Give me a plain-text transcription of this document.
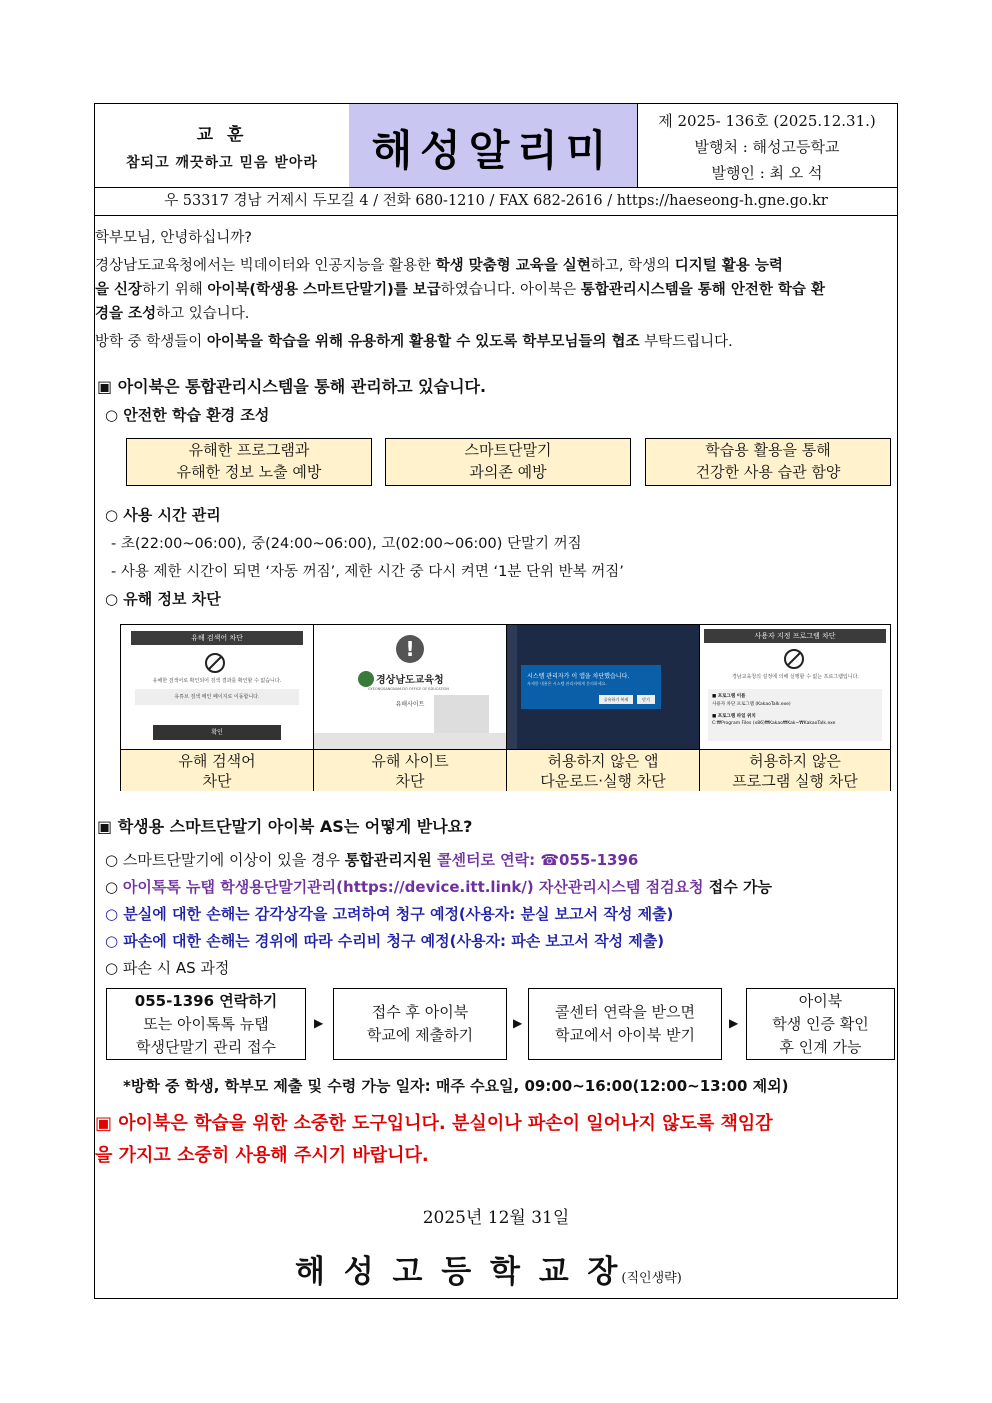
교 훈
참되고 깨끗하고 믿음 받아라	해성알리미
제 2025- 136호 (2025.12.31.)
발행처 : 해성고등학교
발행인 : 최 오 석
우 53317 경남 거제시 두모길 4 / 전화 680-1210 / FAX 682-2616 / https://haeseong-h.gne.go.kr
학부모님, 안녕하십니까?
경상남도교육청에서는 빅데이터와 인공지능을 활용한 학생 맞춤형 교육을 실현하고, 학생의 디지털 활용 능력
을 신장하기 위해 아이북(학생용 스마트단말기)를 보급하였습니다. 아이북은 통합관리시스템을 통해 안전한 학습 환
경을 조성하고 있습니다.
방학 중 학생들이 아이북을 학습을 위해 유용하게 활용할 수 있도록 학부모님들의 협조 부탁드립니다.
▣ 아이북은 통합관리시스템을 통해 관리하고 있습니다.
○ 안전한 학습 환경 조성
유해한 프로그램과
유해한 정보 노출 예방
스마트단말기
과의존 예방
학습용 활용을 통해
건강한 사용 습관 함양
○ 사용 시간 관리
- 초(22:00~06:00), 중(24:00~06:00), 고(02:00~06:00) 단말기 꺼짐
- 사용 제한 시간이 되면 ‘자동 꺼짐’, 제한 시간 중 다시 켜면 ‘1분 단위 반복 꺼짐’
○ 유해 정보 차단
유해 검색어 차단
유해한 검색어로 확인되어 검색 결과를 확인할 수 없습니다.
유튜브 검색 메인 페이지로 이동합니다.
확인
!
경상남도교육청
GYEONGSANGNAM-DO OFFICE OF EDUCATION
유해사이트
시스템 관리자가 이 앱을 차단했습니다.
자세한 내용은 시스템 관리자에게 문의하세요.
공유하기 복제	닫기
사용자 지정 프로그램 차단
경남교육청의 설정에 의해 실행할 수 없는 프로그램입니다.
■ 프로그램 이름
사용자 차단 프로그램 (KakaoTalk.exe)
■ 프로그램 파일 위치
C:₩Program Files (x86)₩Kakao₩Kak~₩KakaoTalk.exe
유해 검색어
차단
유해 사이트
차단
허용하지 않은 앱
다운로드·실행 차단
허용하지 않은
프로그램 실행 차단
▣ 학생용 스마트단말기 아이북 AS는 어떻게 받나요?
○ 스마트단말기에 이상이 있을 경우 통합관리지원 콜센터로 연락: ☎055-1396
○ 아이톡톡 뉴탭 학생용단말기관리(https://device.itt.link/) 자산관리시스템 점검요청 접수 가능
○ 분실에 대한 손해는 감각상각을 고려하여 청구 예정(사용자: 분실 보고서 작성 제출)
○ 파손에 대한 손해는 경위에 따라 수리비 청구 예정(사용자: 파손 보고서 작성 제출)
○ 파손 시 AS 과정
055-1396 연락하기
또는 아이톡톡 뉴탭
학생단말기 관리 접수
▶
접수 후 아이북
학교에 제출하기
▶
콜센터 연락을 받으면
학교에서 아이북 받기
▶
아이북
학생 인증 확인
후 인계 가능
*방학 중 학생, 학부모 제출 및 수령 가능 일자: 매주 수요일, 09:00~16:00(12:00~13:00 제외)
▣ 아이북은 학습을 위한 소중한 도구입니다. 분실이나 파손이 일어나지 않도록 책임감
을 가지고 소중히 사용해 주시기 바랍니다.
2025년 12월 31일
해 성 고 등 학 교 장(직인생략)
